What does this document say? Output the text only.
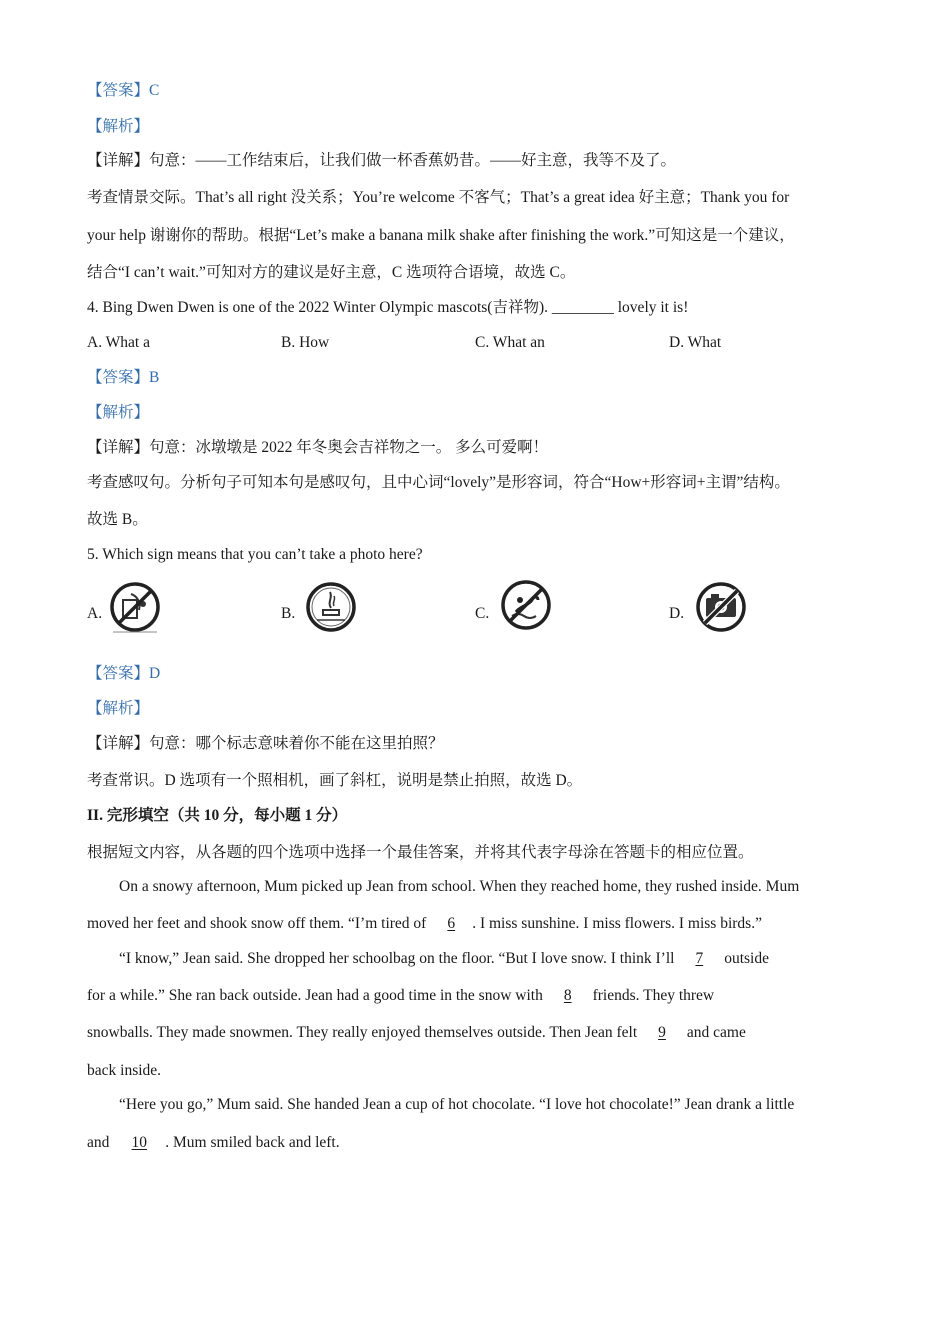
【答案】C
【解析】
【详解】句意：——工作结束后，让我们做一杯香蕉奶昔。——好主意，我等不及了。
考查情景交际。That’s all right 没关系；You’re welcome 不客气；That’s a great idea 好主意；Thank you for
your help 谢谢你的帮助。根据“Let’s make a banana milk shake after finishing the work.”可知这是一个建议，
结合“I can’t wait.”可知对方的建议是好主意，C 选项符合语境，故选 C。
4. Bing Dwen Dwen is one of the 2022 Winter Olympic mascots(吉祥物). ________ lovely it is!
A. What a	B. How	C. What an	D. What
【答案】B
【解析】
【详解】句意：冰墩墩是 2022 年冬奥会吉祥物之一。 多么可爱啊！
考查感叹句。分析句子可知本句是感叹句，且中心词“lovely”是形容词，符合“How+形容词+主谓”结构。
故选 B。
5. Which sign means that you can’t take a photo here?
A.	B.	C.	D.
【答案】D
【解析】
【详解】句意：哪个标志意味着你不能在这里拍照？
考查常识。D 选项有一个照相机，画了斜杠，说明是禁止拍照，故选 D。
II. 完形填空（共 10 分，每小题 1 分）
根据短文内容，从各题的四个选项中选择一个最佳答案，并将其代表字母涂在答题卡的相应位置。
On a snowy afternoon, Mum picked up Jean from school. When they reached home, they rushed inside. Mum
moved her feet and shook snow off them. “I’m tired of 6 . I miss sunshine. I miss flowers. I miss birds.”
“I know,” Jean said. She dropped her schoolbag on the floor. “But I love snow. I think I’ll 7 outside
for a while.” She ran back outside. Jean had a good time in the snow with 8 friends. They threw
snowballs. They made snowmen. They really enjoyed themselves outside. Then Jean felt 9 and came
back inside.
“Here you go,” Mum said. She handed Jean a cup of hot chocolate. “I love hot chocolate!” Jean drank a little
and 10 . Mum smiled back and left.
